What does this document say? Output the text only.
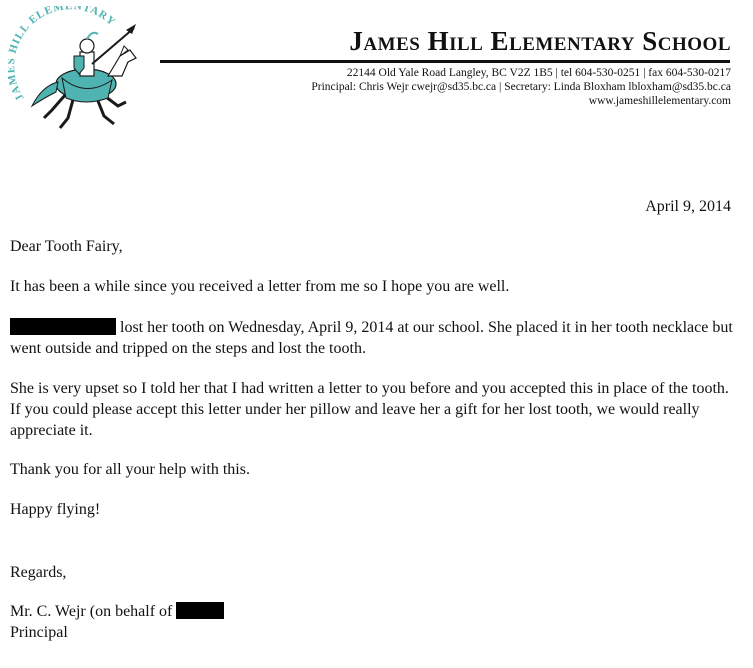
JA HILL ELEMENTARY
James Hill Elementary School
22144 Old Yale Road Langley, BC V2Z 1B5 | tel 604-530-0251 | fax 604-530-0217
Principal: Chris Wejr cwejr@sd35.bc.ca | Secretary: Linda Bloxham lbloxham@sd35.bc.ca
www.jameshillelementary.com
April 9, 2014

Dear Tooth Fairy,

It has been a while since you received a letter from me so I hope you are well.

lost her tooth on Wednesday, April 9, 2014 at our school. She placed it in her tooth necklace but went outside and tripped on the steps and lost the tooth.

She is very upset so I told her that I had written a letter to you before and you accepted this in place of the tooth. If you could please accept this letter under her pillow and leave her a gift for her lost tooth, we would really appreciate it.

Thank you for all your help with this.

Happy flying!

Regards,

Mr. C. Wejr (on behalf of

Principal
